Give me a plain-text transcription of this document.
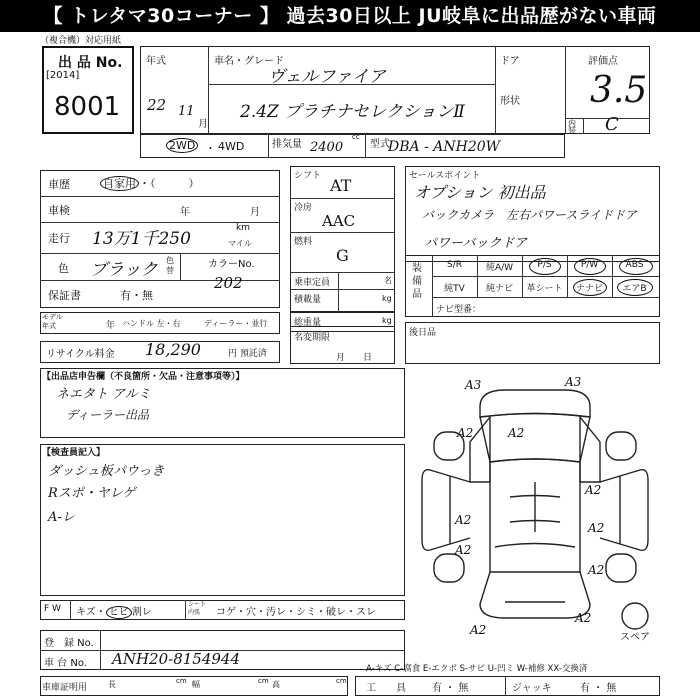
【 トレタマ30コーナー 】 過去30日以上 JU岐阜に出品歴がない車両
（複合機）対応用紙
出 品 No.
[2014]
8001
年式
22 11
月
車名・グレード
ヴェルファイア
2.4Z プラチナセレクションⅡ
ドア
形状
評価点
3.5
内
装 C
2WD ・ 4WD	排気量
cc
2400	型式
DBA - ANH20W
車歴	自家用 ・（　　　）
車検	年	月
走行 13万1千250
km
マイル
色 ブラック 色替
カラーNo.
202
保証書	有・無
モデル年式	年 ハンドル 左・右	ディーラー・並行
リサイクル料金 18,290	円 預託済
シフト AT
冷房
AAC
燃料
G
乗車定員	名
積載量	kg
総重量	kg
名変期限
月　　日
セールスポイント
オプション 初出品
バックカメラ　左右パワースライドドア
パワーバックドア
装
備
品
S/R	純A/W	P/S	P/W	ABS
純TV	純ナビ	革シート	ナナビ	エアB
ナビ型番：
後日品
【出品店申告欄（不良箇所・欠品・注意事項等）】
ネエタト アルミ
ディーラー出品
【検査員記入】
ダッシュ板パウっき
Rスポ・ヤレゲ
A-レ
A3	A3
A2	A2
A2
A2
A2
A2
A2
A2
A2
スペア
F W キズ・ ヒビ 割レ
シート
内張	コゲ・穴・汚レ・シミ・破レ・スレ
登　録 No.
車 台 No. ANH20-8154944
車庫証明用	長	cm 幅	cm 高	cm
A-キズ C-腐食 E-エクボ S-サビ U-凹ミ W-補修 XX-交換済
工　　具	有 ・ 無	ジャッキ	有 ・ 無
